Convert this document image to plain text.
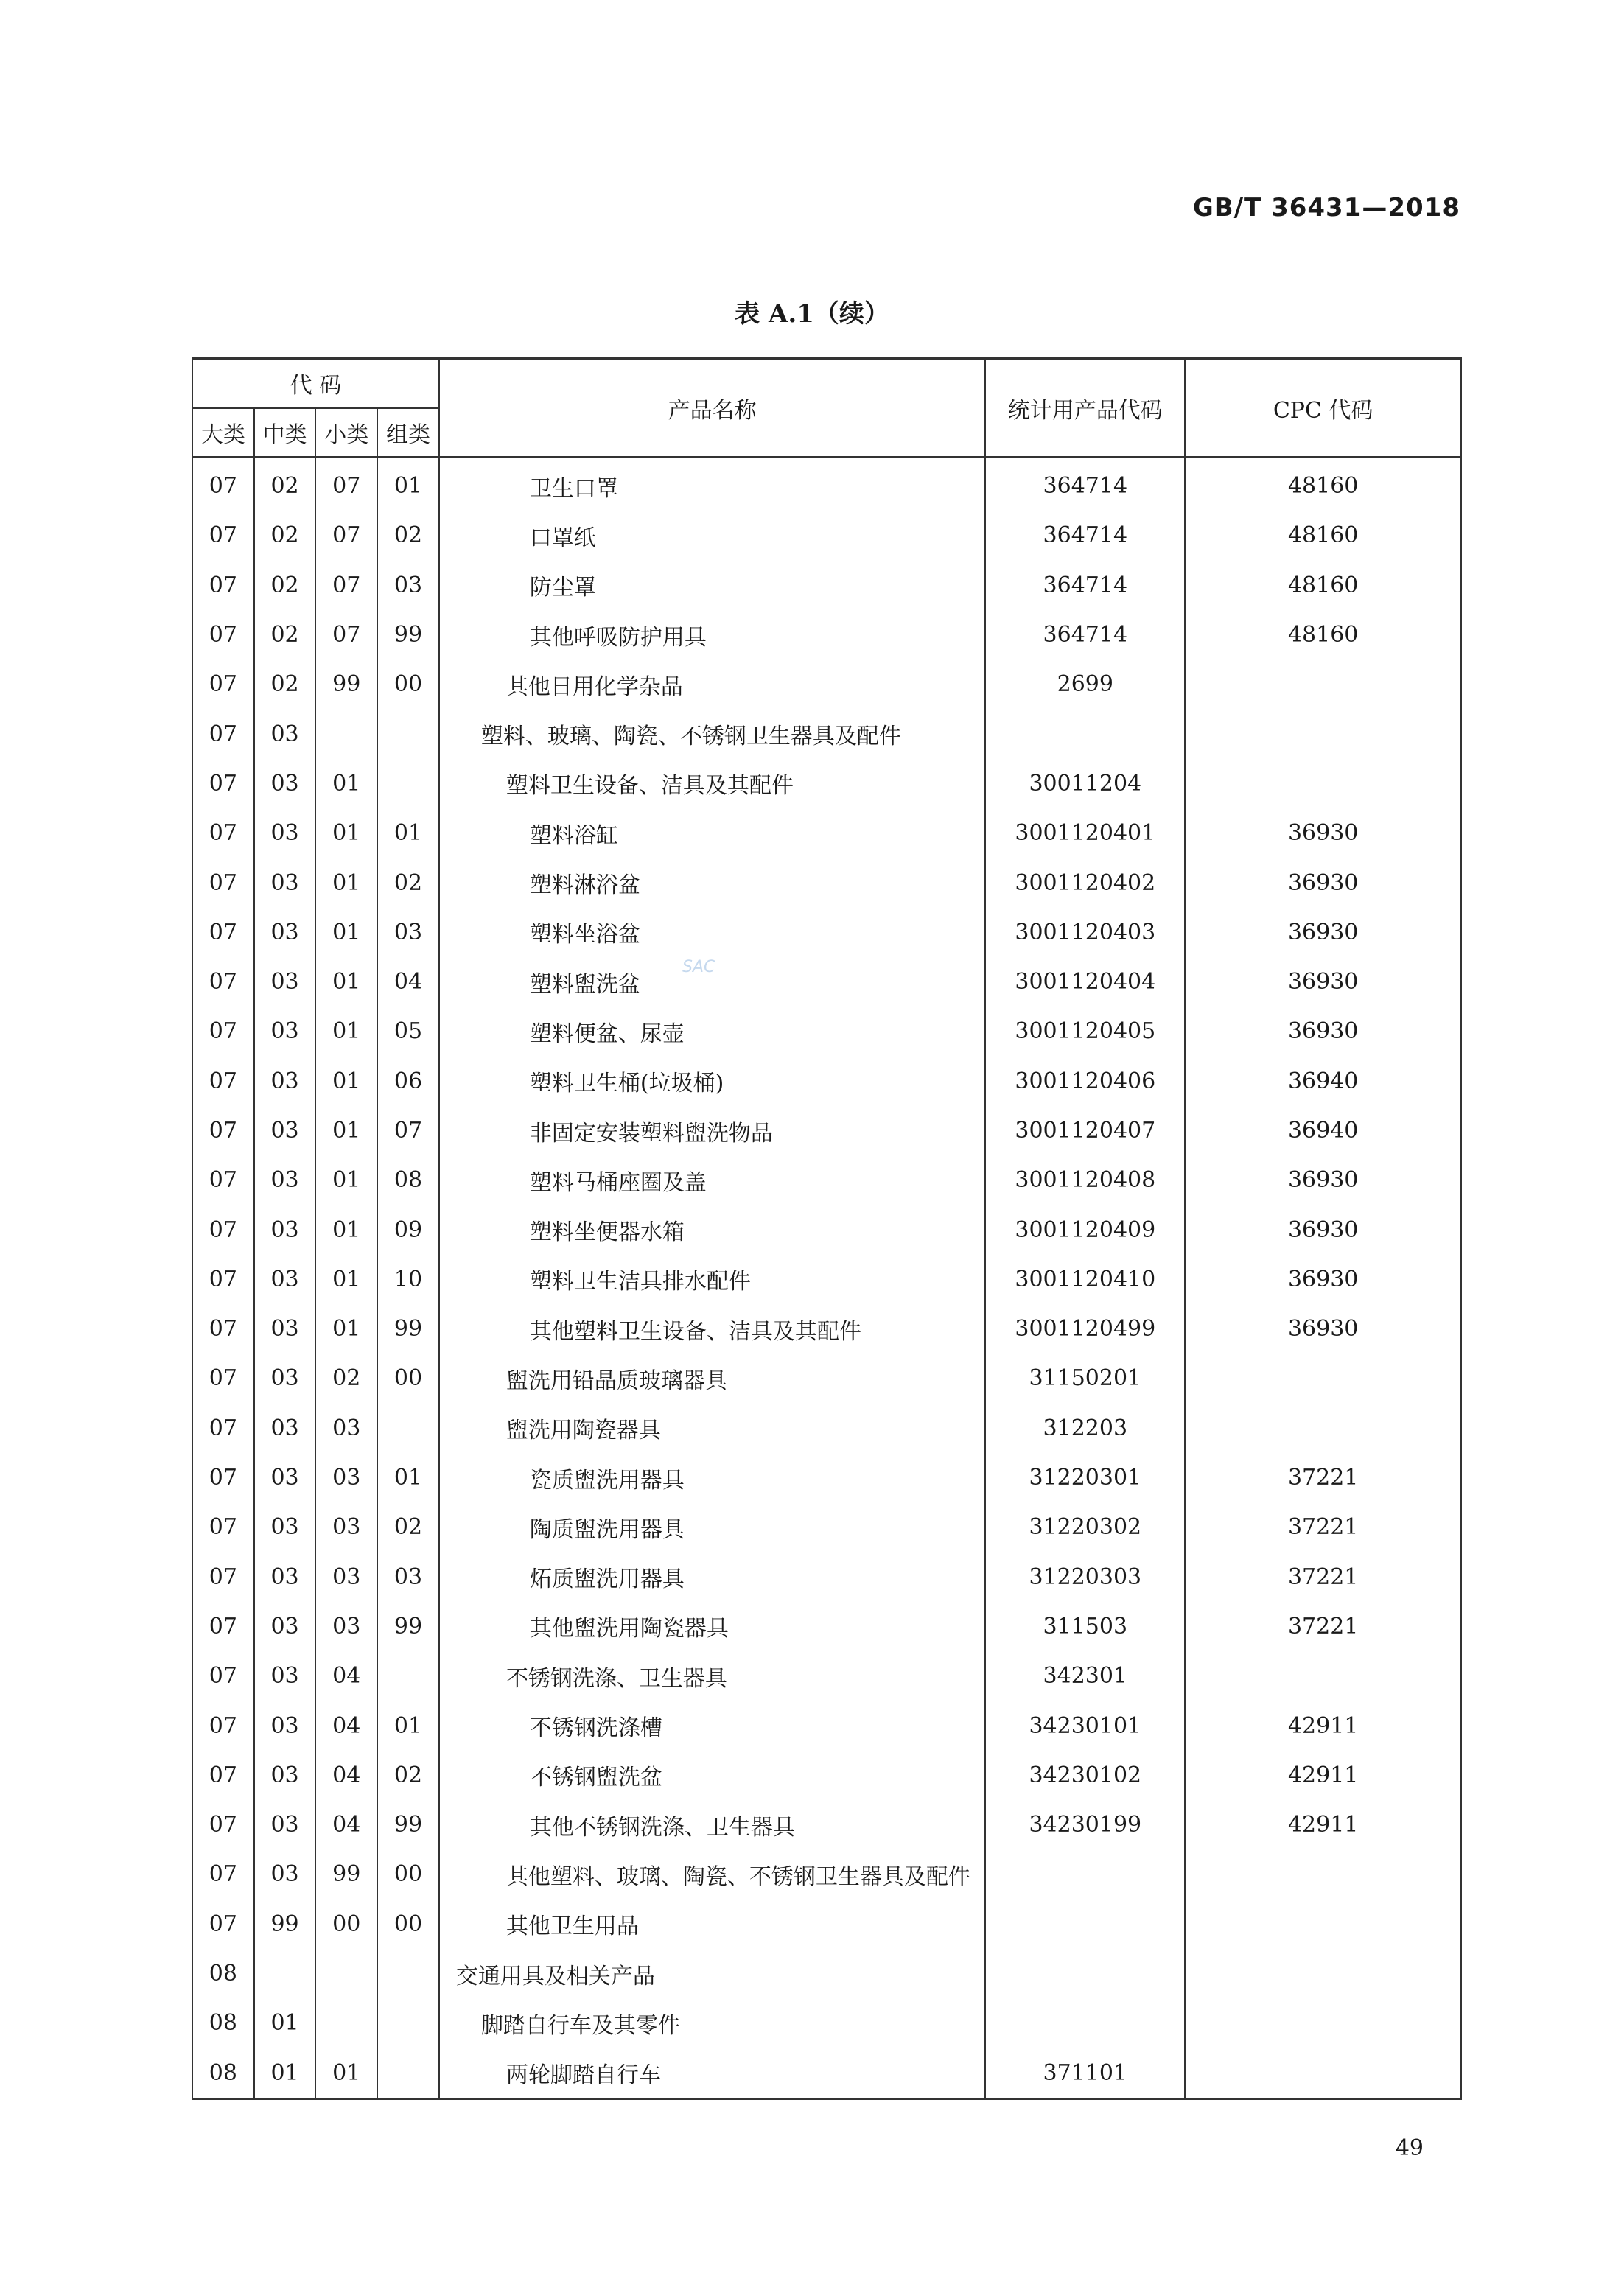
GB/T 36431—2018
表 A.1（续）
代 码				产品名称	统计用产品代码	CPC 代码
大类	中类	小类	组类			
07	02	07	01	卫生口罩	364714	48160
07	02	07	02	口罩纸	364714	48160
07	02	07	03	防尘罩	364714	48160
07	02	07	99	其他呼吸防护用具	364714	48160
07	02	99	00	其他日用化学杂品	2699	
07	03			塑料、玻璃、陶瓷、不锈钢卫生器具及配件		
07	03	01		塑料卫生设备、洁具及其配件	30011204	
07	03	01	01	塑料浴缸	3001120401	36930
07	03	01	02	塑料淋浴盆	3001120402	36930
07	03	01	03	塑料坐浴盆	3001120403	36930
07	03	01	04	塑料盥洗盆	3001120404	36930
07	03	01	05	塑料便盆、尿壶	3001120405	36930
07	03	01	06	塑料卫生桶(垃圾桶)	3001120406	36940
07	03	01	07	非固定安装塑料盥洗物品	3001120407	36940
07	03	01	08	塑料马桶座圈及盖	3001120408	36930
07	03	01	09	塑料坐便器水箱	3001120409	36930
07	03	01	10	塑料卫生洁具排水配件	3001120410	36930
07	03	01	99	其他塑料卫生设备、洁具及其配件	3001120499	36930
07	03	02	00	盥洗用铅晶质玻璃器具	31150201	
07	03	03		盥洗用陶瓷器具	312203	
07	03	03	01	瓷质盥洗用器具	31220301	37221
07	03	03	02	陶质盥洗用器具	31220302	37221
07	03	03	03	炻质盥洗用器具	31220303	37221
07	03	03	99	其他盥洗用陶瓷器具	311503	37221
07	03	04		不锈钢洗涤、卫生器具	342301	
07	03	04	01	不锈钢洗涤槽	34230101	42911
07	03	04	02	不锈钢盥洗盆	34230102	42911
07	03	04	99	其他不锈钢洗涤、卫生器具	34230199	42911
07	03	99	00	其他塑料、玻璃、陶瓷、不锈钢卫生器具及配件		
07	99	00	00	其他卫生用品		
08				交通用具及相关产品		
08	01			脚踏自行车及其零件		
08	01	01		两轮脚踏自行车	371101	
SAC
49
